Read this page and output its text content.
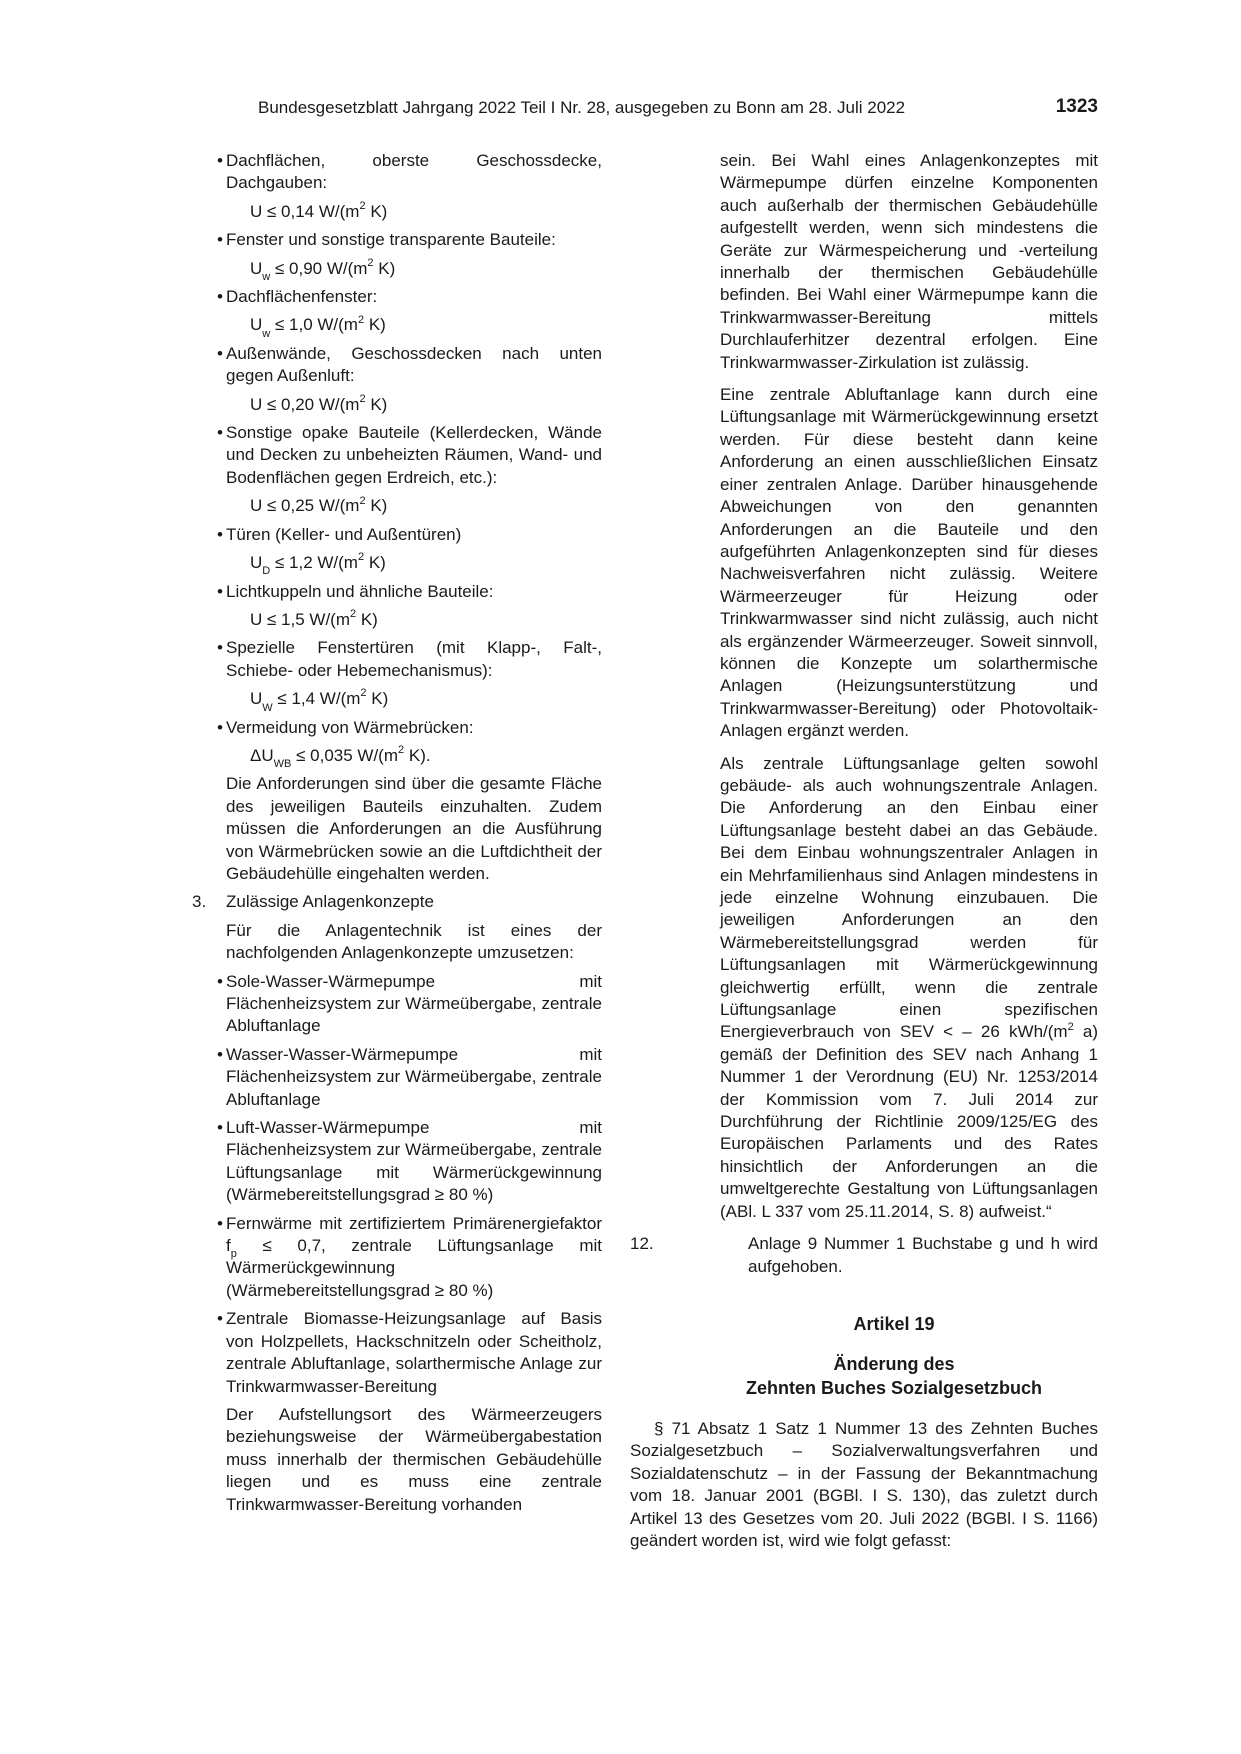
Bundesgesetzblatt Jahrgang 2022 Teil I Nr. 28, ausgegeben zu Bonn am 28. Juli 2022	1323
• Dachflächen, oberste Geschossdecke, Dachgauben:

U ≤ 0,14 $W/(m^2$ K)

• Fenster und sonstige transparente Bauteile:

$U_w \le 0,90$ $W/(m^2$ K)

• Dachflächenfenster:

$U_w \le 1,0$ $W/(m^2$ K)

• Außenwände, Geschossdecken nach unten gegen Außenluft:

U ≤ 0,20 $W/(m^2$ K)

• Sonstige opake Bauteile (Kellerdecken, Wände und Decken zu unbeheizten Räumen, Wand- und Bodenflächen gegen Erdreich, etc.):

U ≤ 0,25 $W/(m^2$ K)

• Türen (Keller- und Außentüren)

$U_D \le 1,2$ $W/(m^2$ K)

• Lichtkuppeln und ähnliche Bauteile:

U ≤ 1,5 $W/(m^2$ K)

• Spezielle Fenstertüren (mit Klapp-, Falt-, Schiebe- oder Hebemechanismus):

$U_W \le 1,4$ $W/(m^2$ K)

• Vermeidung von Wärmebrücken:

$\Delta U_{WB} \le 0,035$ $W/(m^2$ K).

Die Anforderungen sind über die gesamte Fläche des jeweiligen Bauteils einzuhalten. Zudem müssen die Anforderungen an die Ausführung von Wärmebrücken sowie an die Luftdichtheit der Gebäudehülle eingehalten werden.

3. Zulässige Anlagenkonzepte

Für die Anlagentechnik ist eines der nachfolgenden Anlagenkonzepte umzusetzen:

• Sole-Wasser-Wärmepumpe mit Flächenheizsystem zur Wärmeübergabe, zentrale Abluftanlage
• Wasser-Wasser-Wärmepumpe mit Flächenheizsystem zur Wärmeübergabe, zentrale Abluftanlage
• Luft-Wasser-Wärmepumpe mit Flächenheizsystem zur Wärmeübergabe, zentrale Lüftungsanlage mit Wärmerückgewinnung (Wärmebereitstellungsgrad ≥ 80 %)
• Fernwärme mit zertifiziertem Primärenergiefaktor $f_p \le 0,7$, zentrale Lüftungsanlage mit Wärmerückgewinnung (Wärmebereitstellungsgrad ≥ 80 %)
• Zentrale Biomasse-Heizungsanlage auf Basis von Holzpellets, Hackschnitzeln oder Scheitholz, zentrale Abluftanlage, solarthermische Anlage zur Trinkwarmwasser-Bereitung

Der Aufstellungsort des Wärmeerzeugers beziehungsweise der Wärmeübergabestation muss innerhalb der thermischen Gebäudehülle liegen und es muss eine zentrale Trinkwarmwasser-Bereitung vorhanden

sein. Bei Wahl eines Anlagenkonzeptes mit Wärmepumpe dürfen einzelne Komponenten auch außerhalb der thermischen Gebäudehülle aufgestellt werden, wenn sich mindestens die Geräte zur Wärmespeicherung und -verteilung innerhalb der thermischen Gebäudehülle befinden. Bei Wahl einer Wärmepumpe kann die Trinkwarmwasser-Bereitung mittels Durchlauferhitzer dezentral erfolgen. Eine Trinkwarmwasser-Zirkulation ist zulässig.

Eine zentrale Abluftanlage kann durch eine Lüftungsanlage mit Wärmerückgewinnung ersetzt werden. Für diese besteht dann keine Anforderung an einen ausschließlichen Einsatz einer zentralen Anlage. Darüber hinausgehende Abweichungen von den genannten Anforderungen an die Bauteile und den aufgeführten Anlagenkonzepten sind für dieses Nachweisverfahren nicht zulässig. Weitere Wärmeerzeuger für Heizung oder Trinkwarmwasser sind nicht zulässig, auch nicht als ergänzender Wärmeerzeuger. Soweit sinnvoll, können die Konzepte um solarthermische Anlagen (Heizungsunterstützung und Trinkwarmwasser-Bereitung) oder Photovoltaik-Anlagen ergänzt werden.

Als zentrale Lüftungsanlage gelten sowohl gebäude- als auch wohnungszentrale Anlagen. Die Anforderung an den Einbau einer Lüftungsanlage besteht dabei an das Gebäude. Bei dem Einbau wohnungszentraler Anlagen in ein Mehrfamilienhaus sind Anlagen mindestens in jede einzelne Wohnung einzubauen. Die jeweiligen Anforderungen an den Wärmebereitstellungsgrad werden für Lüftungsanlagen mit Wärmerückgewinnung gleichwertig erfüllt, wenn die zentrale Lüftungsanlage einen spezifischen Energieverbrauch von SEV < – 26 kWh/($m^2$ a) gemäß der Definition des SEV nach Anhang 1 Nummer 1 der Verordnung (EU) Nr. 1253/2014 der Kommission vom 7. Juli 2014 zur Durchführung der Richtlinie 2009/125/EG des Europäischen Parlaments und des Rates hinsichtlich der Anforderungen an die umweltgerechte Gestaltung von Lüftungsanlagen (ABl. L 337 vom 25.11.2014, S. 8) aufweist.“

12.	Anlage 9 Nummer 1 Buchstabe g und h wird aufgehoben.
Artikel 19
Änderung des
Zehnten Buches Sozialgesetzbuch

§ 71 Absatz 1 Satz 1 Nummer 13 des Zehnten Buches Sozialgesetzbuch – Sozialverwaltungsverfahren und Sozialdatenschutz – in der Fassung der Bekanntmachung vom 18. Januar 2001 (BGBl. I S. 130), das zuletzt durch Artikel 13 des Gesetzes vom 20. Juli 2022 (BGBl. I S. 1166) geändert worden ist, wird wie folgt gefasst:
